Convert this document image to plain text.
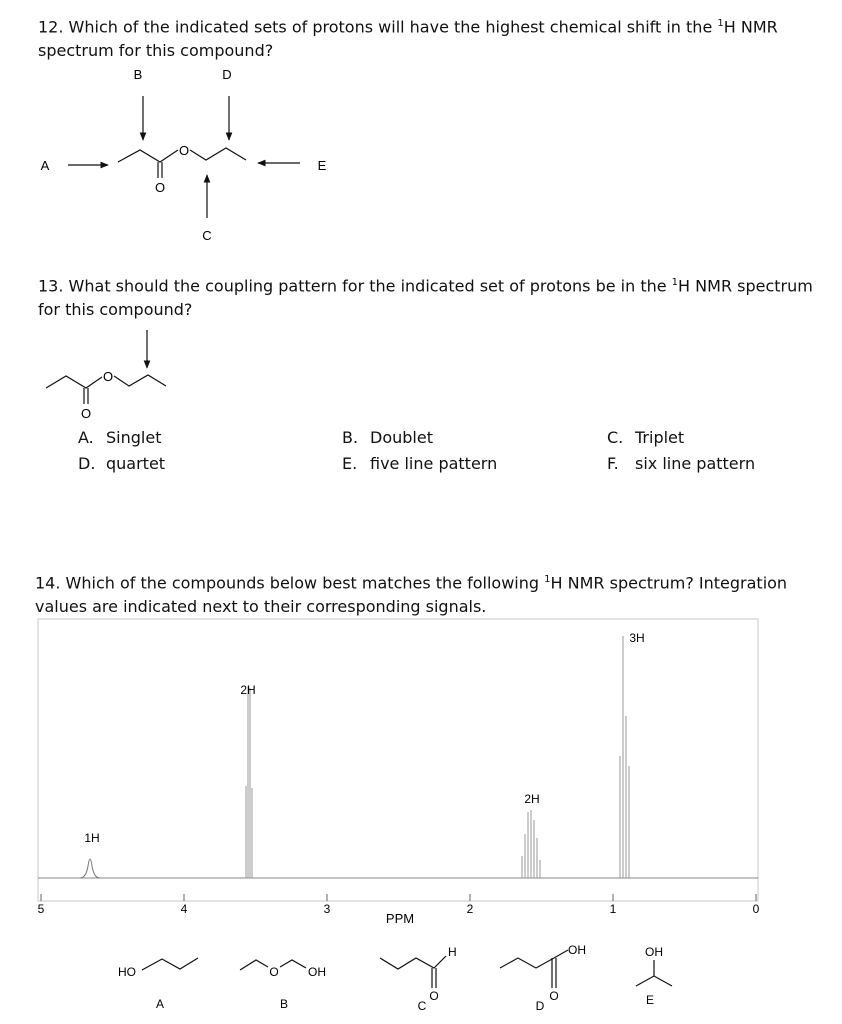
12. Which of the indicated sets of protons will have the highest chemical shift in the $^1$H NMR spectrum for this compound?
B	D
A	E
C
O
O
13. What should the coupling pattern for the indicated set of protons be in the $^1$H NMR spectrum for this compound?
O
O
A. Singlet	B. Doublet	C. Triplet
D. quartet	E. five line pattern	F. six line pattern
14. Which of the compounds below best matches the following $^1$H NMR spectrum? Integration values are indicated next to their corresponding signals.
1H
2H
2H
3H
5	4	3	2	1	0
PPM
HO
A
O OH
B
H
O
C
OH
O
D
OH
E
